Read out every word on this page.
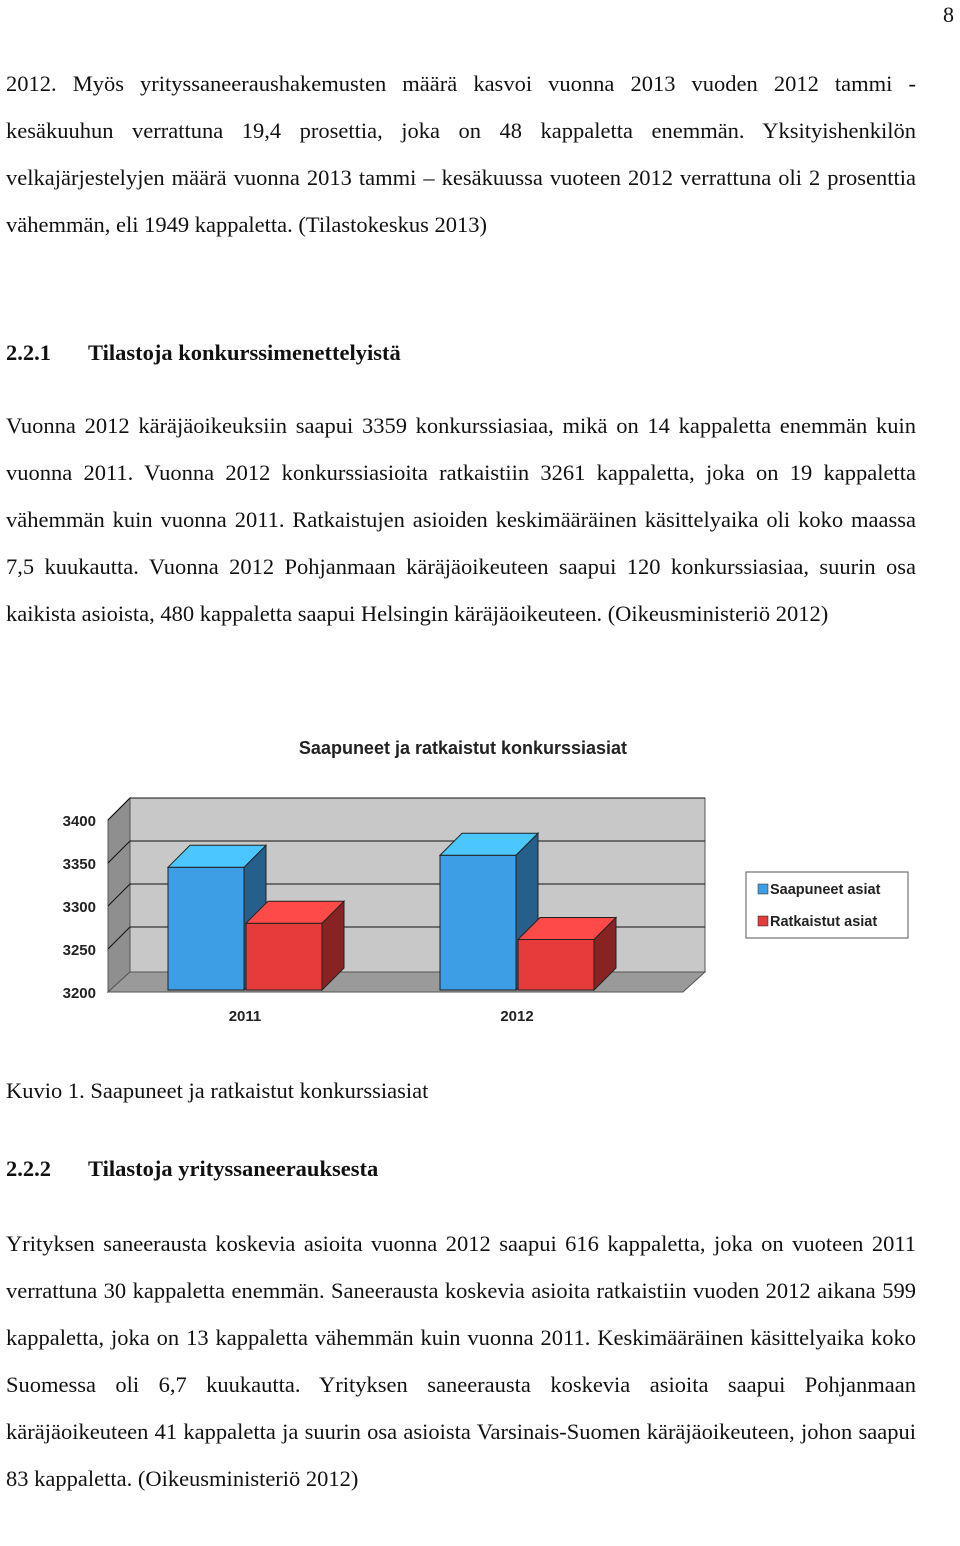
8

2012. Myös yrityssaneeraushakemusten määrä kasvoi vuonna 2013 vuoden 2012 tammi - kesäkuuhun verrattuna 19,4 prosettia, joka on 48 kappaletta enemmän. Yksityishenkilön velkajärjestelyjen määrä vuonna 2013 tammi – kesäkuussa vuoteen 2012 verrattuna oli 2 prosenttia vähemmän, eli 1949 kappaletta. (Tilastokeskus 2013)

2.2.1 Tilastoja konkurssimenettelyistä

Vuonna 2012 käräjäoikeuksiin saapui 3359 konkurssiasiaa, mikä on 14 kappaletta enemmän kuin vuonna 2011. Vuonna 2012 konkurssiasioita ratkaistiin 3261 kappaletta, joka on 19 kappaletta vähemmän kuin vuonna 2011. Ratkaistujen asioiden keskimääräinen käsittelyaika oli koko maassa 7,5 kuukautta. Vuonna 2012 Pohjanmaan käräjäoikeuteen saapui 120 konkurssiasiaa, suurin osa kaikista asioista, 480 kappaletta saapui Helsingin käräjäoikeuteen. (Oikeusministeriö 2012)

Saapuneet ja ratkaistut konkurssiasiat
3400
3350
3300
3250
3200
2011	2012
Saapuneet asiat
Ratkaistut asiat

Kuvio 1. Saapuneet ja ratkaistut konkurssiasiat

2.2.2 Tilastoja yrityssaneerauksesta

Yrityksen saneerausta koskevia asioita vuonna 2012 saapui 616 kappaletta, joka on vuoteen 2011 verrattuna 30 kappaletta enemmän. Saneerausta koskevia asioita ratkaistiin vuoden 2012 aikana 599 kappaletta, joka on 13 kappaletta vähemmän kuin vuonna 2011. Keskimääräinen käsittelyaika koko Suomessa oli 6,7 kuukautta. Yrityksen saneerausta koskevia asioita saapui Pohjanmaan käräjäoikeuteen 41 kappaletta ja suurin osa asioista Varsinais-Suomen käräjäoikeuteen, johon saapui 83 kappaletta. (Oikeusministeriö 2012)
